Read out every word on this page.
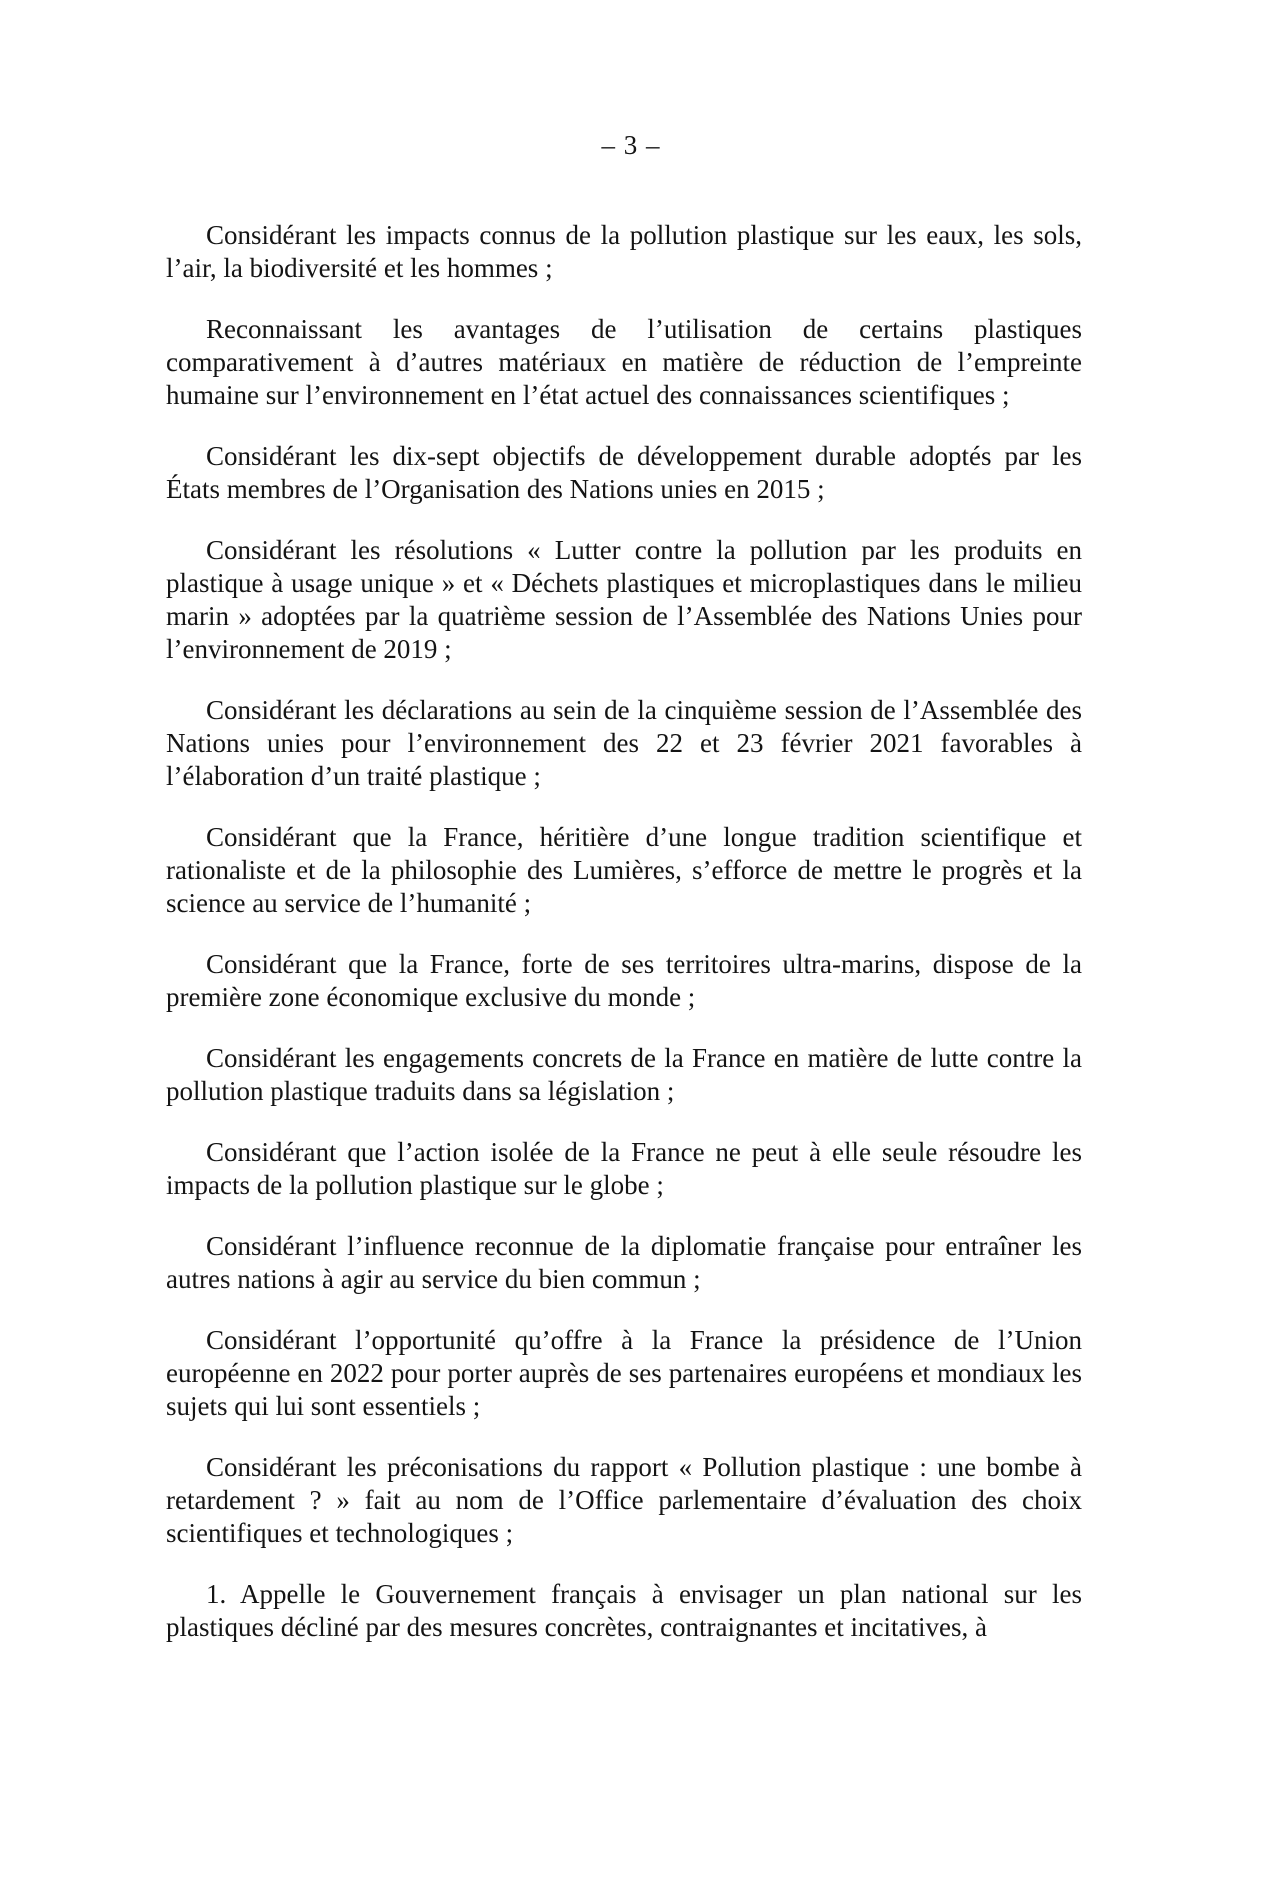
– 3 –

Considérant les impacts connus de la pollution plastique sur les eaux, les sols, l’air, la biodiversité et les hommes ;

Reconnaissant les avantages de l’utilisation de certains plastiques comparativement à d’autres matériaux en matière de réduction de l’empreinte humaine sur l’environnement en l’état actuel des connaissances scientifiques ;

Considérant les dix-sept objectifs de développement durable adoptés par les États membres de l’Organisation des Nations unies en 2015 ;

Considérant les résolutions « Lutter contre la pollution par les produits en plastique à usage unique » et « Déchets plastiques et microplastiques dans le milieu marin » adoptées par la quatrième session de l’Assemblée des Nations Unies pour l’environnement de 2019 ;

Considérant les déclarations au sein de la cinquième session de l’Assemblée des Nations unies pour l’environnement des 22 et 23 février 2021 favorables à l’élaboration d’un traité plastique ;

Considérant que la France, héritière d’une longue tradition scientifique et rationaliste et de la philosophie des Lumières, s’efforce de mettre le progrès et la science au service de l’humanité ;

Considérant que la France, forte de ses territoires ultra-marins, dispose de la première zone économique exclusive du monde ;

Considérant les engagements concrets de la France en matière de lutte contre la pollution plastique traduits dans sa législation ;

Considérant que l’action isolée de la France ne peut à elle seule résoudre les impacts de la pollution plastique sur le globe ;

Considérant l’influence reconnue de la diplomatie française pour entraîner les autres nations à agir au service du bien commun ;

Considérant l’opportunité qu’offre à la France la présidence de l’Union européenne en 2022 pour porter auprès de ses partenaires européens et mondiaux les sujets qui lui sont essentiels ;

Considérant les préconisations du rapport « Pollution plastique : une bombe à retardement ? » fait au nom de l’Office parlementaire d’évaluation des choix scientifiques et technologiques ;

1. Appelle le Gouvernement français à envisager un plan national sur les plastiques décliné par des mesures concrètes, contraignantes et incitatives, à
